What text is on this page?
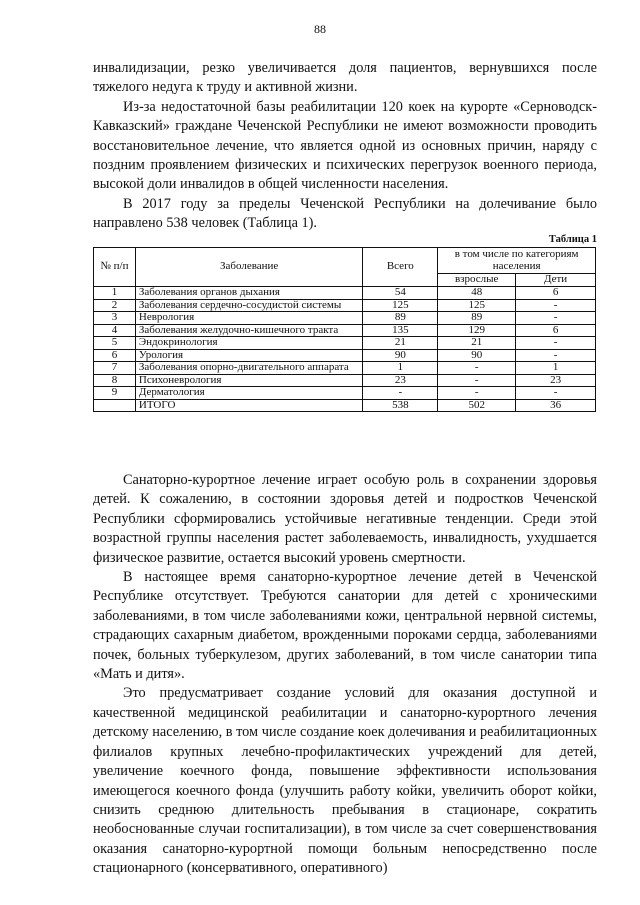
88

инвалидизации, резко увеличивается доля пациентов, вернувшихся после тяжелого недуга к труду и активной жизни.

Из-за недостаточной базы реабилитации 120 коек на курорте «Серноводск-Кавказский» граждане Чеченской Республики не имеют возможности проводить восстановительное лечение, что является одной из основных причин, наряду с поздним проявлением физических и психических перегрузок военного периода, высокой доли инвалидов в общей численности населения.

В 2017 году за пределы Чеченской Республики на долечивание было направлено 538 человек (Таблица 1).

Таблица 1
№ п/п	Заболевание	Всего	в том числе по категориям населения	
			взрослые	Дети
1	Заболевания органов дыхания	54	48	6
2	Заболевания сердечно-сосудистой системы	125	125	-
3	Неврология	89	89	-
4	Заболевания желудочно-кишечного тракта	135	129	6
5	Эндокринология	21	21	-
6	Урология	90	90	-
7	Заболевания опорно-двигательного аппарата	1	-	1
8	Психоневрология	23	-	23
9	Дерматология	-	-	-
	ИТОГО	538	502	36

Санаторно-курортное лечение играет особую роль в сохранении здоровья детей. К сожалению, в состоянии здоровья детей и подростков Чеченской Республики сформировались устойчивые негативные тенденции. Среди этой возрастной группы населения растет заболеваемость, инвалидность, ухудшается физическое развитие, остается высокий уровень смертности.

В настоящее время санаторно-курортное лечение детей в Чеченской Республике отсутствует. Требуются санатории для детей с хроническими заболеваниями, в том числе заболеваниями кожи, центральной нервной системы, страдающих сахарным диабетом, врожденными пороками сердца, заболеваниями почек, больных туберкулезом, других заболеваний, в том числе санатории типа «Мать и дитя».

Это предусматривает создание условий для оказания доступной и качественной медицинской реабилитации и санаторно-курортного лечения детскому населению, в том числе создание коек долечивания и реабилитационных филиалов крупных лечебно-профилактических учреждений для детей, увеличение коечного фонда, повышение эффективности использования имеющегося коечного фонда (улучшить работу койки, увеличить оборот койки, снизить среднюю длительность пребывания в стационаре, сократить необоснованные случаи госпитализации), в том числе за счет совершенствования оказания санаторно-курортной помощи больным непосредственно после стационарного (консервативного, оперативного)
